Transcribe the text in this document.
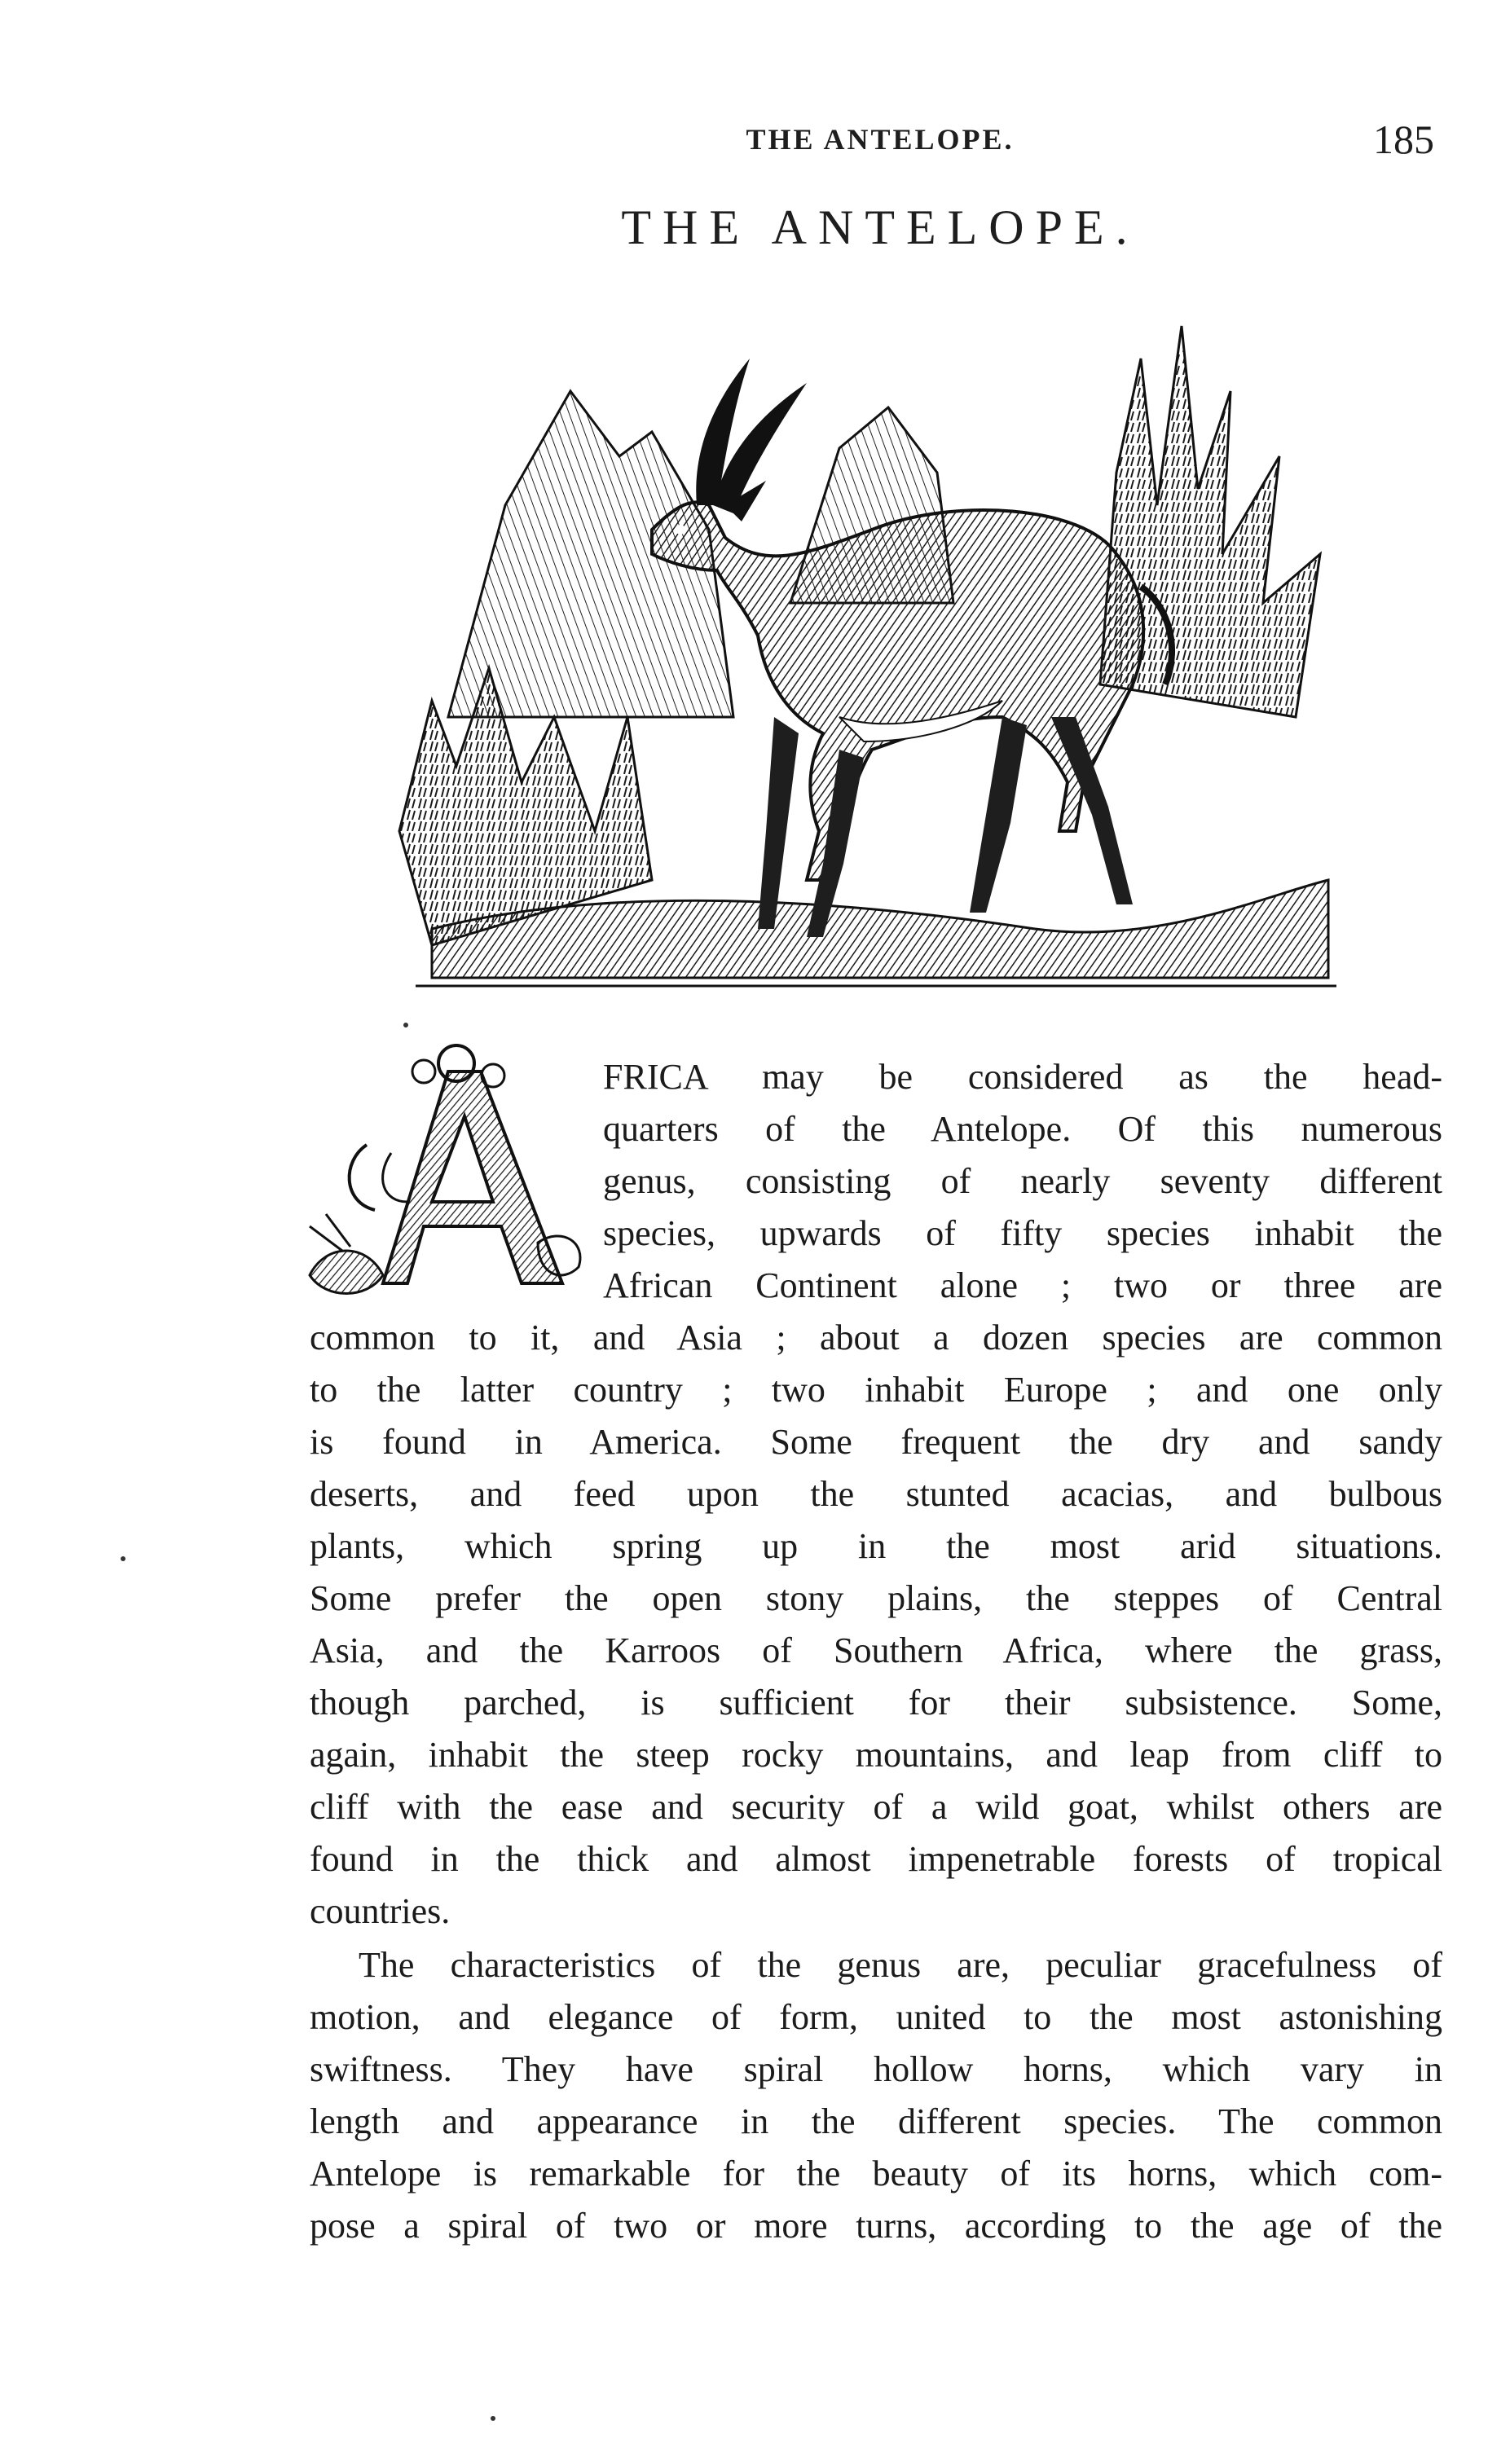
THE ANTELOPE.	185
THE ANTELOPE.
FRICA may be considered as the head-
quarters of the Antelope. Of this numerous
genus, consisting of nearly seventy different
species, upwards of fifty species inhabit the
African Continent alone ; two or three are
common to it, and Asia ; about a dozen species are common
to the latter country ; two inhabit Europe ; and one only
is found in America. Some frequent the dry and sandy
deserts, and feed upon the stunted acacias, and bulbous
plants, which spring up in the most arid situations.
Some prefer the open stony plains, the steppes of Central
Asia, and the Karroos of Southern Africa, where the grass,
though parched, is sufficient for their subsistence. Some,
again, inhabit the steep rocky mountains, and leap from cliff to
cliff with the ease and security of a wild goat, whilst others are
found in the thick and almost impenetrable forests of tropical
countries.
The characteristics of the genus are, peculiar gracefulness of
motion, and elegance of form, united to the most astonishing
swiftness. They have spiral hollow horns, which vary in
length and appearance in the different species. The common
Antelope is remarkable for the beauty of its horns, which com-
pose a spiral of two or more turns, according to the age of the
